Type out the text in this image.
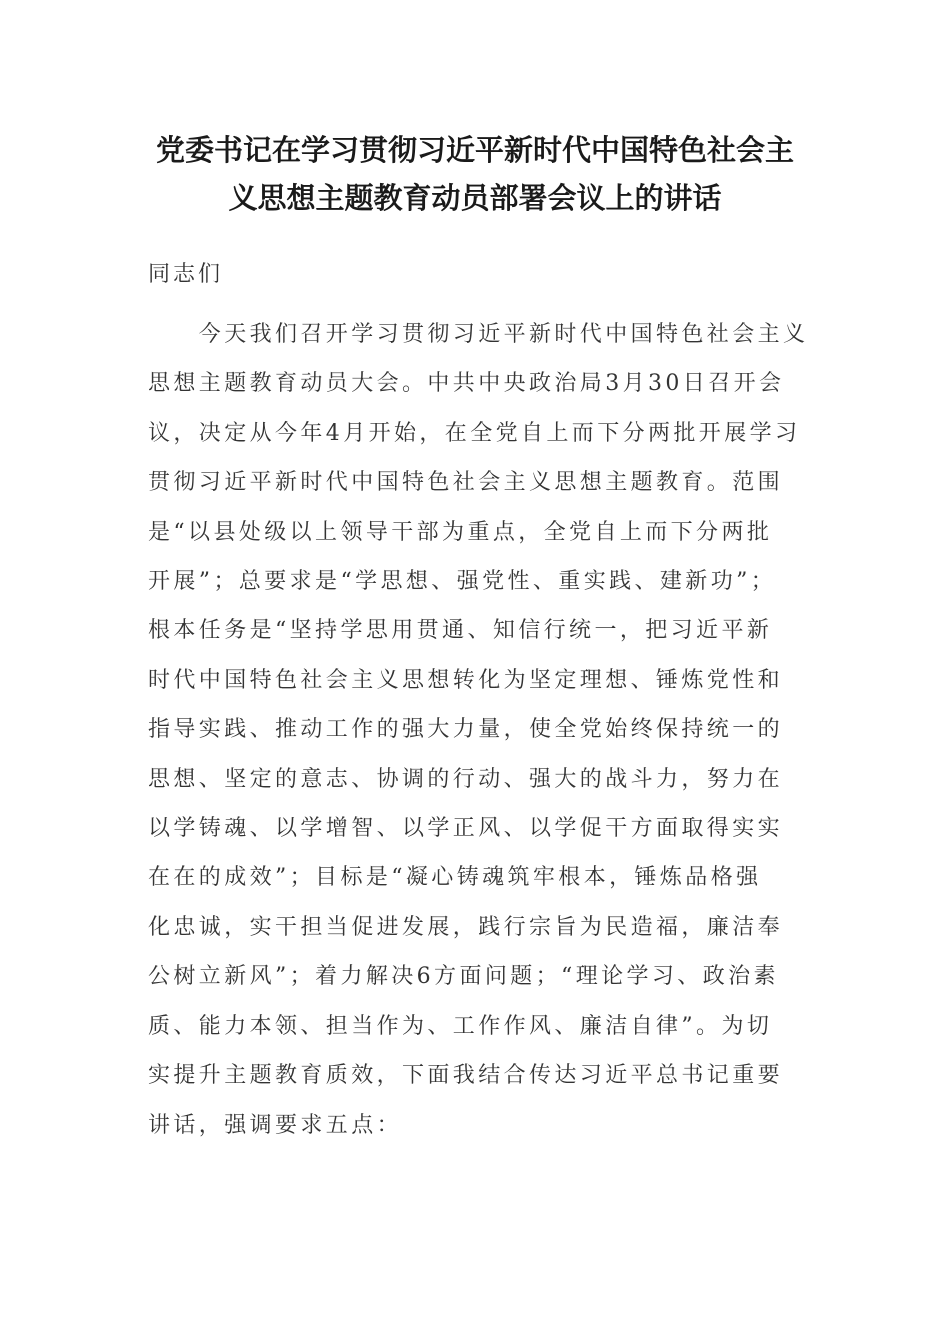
党委书记在学习贯彻习近平新时代中国特色社会主
义思想主题教育动员部署会议上的讲话

同志们

　　今天我们召开学习贯彻习近平新时代中国特色社会主义
思想主题教育动员大会。中共中央政治局3月30日召开会
议，决定从今年4月开始，在全党自上而下分两批开展学习
贯彻习近平新时代中国特色社会主义思想主题教育。范围
是“以县处级以上领导干部为重点，全党自上而下分两批
开展”；总要求是“学思想、强党性、重实践、建新功”；
根本任务是“坚持学思用贯通、知信行统一，把习近平新
时代中国特色社会主义思想转化为坚定理想、锤炼党性和
指导实践、推动工作的强大力量，使全党始终保持统一的
思想、坚定的意志、协调的行动、强大的战斗力，努力在
以学铸魂、以学增智、以学正风、以学促干方面取得实实
在在的成效”；目标是“凝心铸魂筑牢根本，锤炼品格强
化忠诚，实干担当促进发展，践行宗旨为民造福，廉洁奉
公树立新风”；着力解决6方面问题；“理论学习、政治素
质、能力本领、担当作为、工作作风、廉洁自律”。为切
实提升主题教育质效，下面我结合传达习近平总书记重要
讲话，强调要求五点：
